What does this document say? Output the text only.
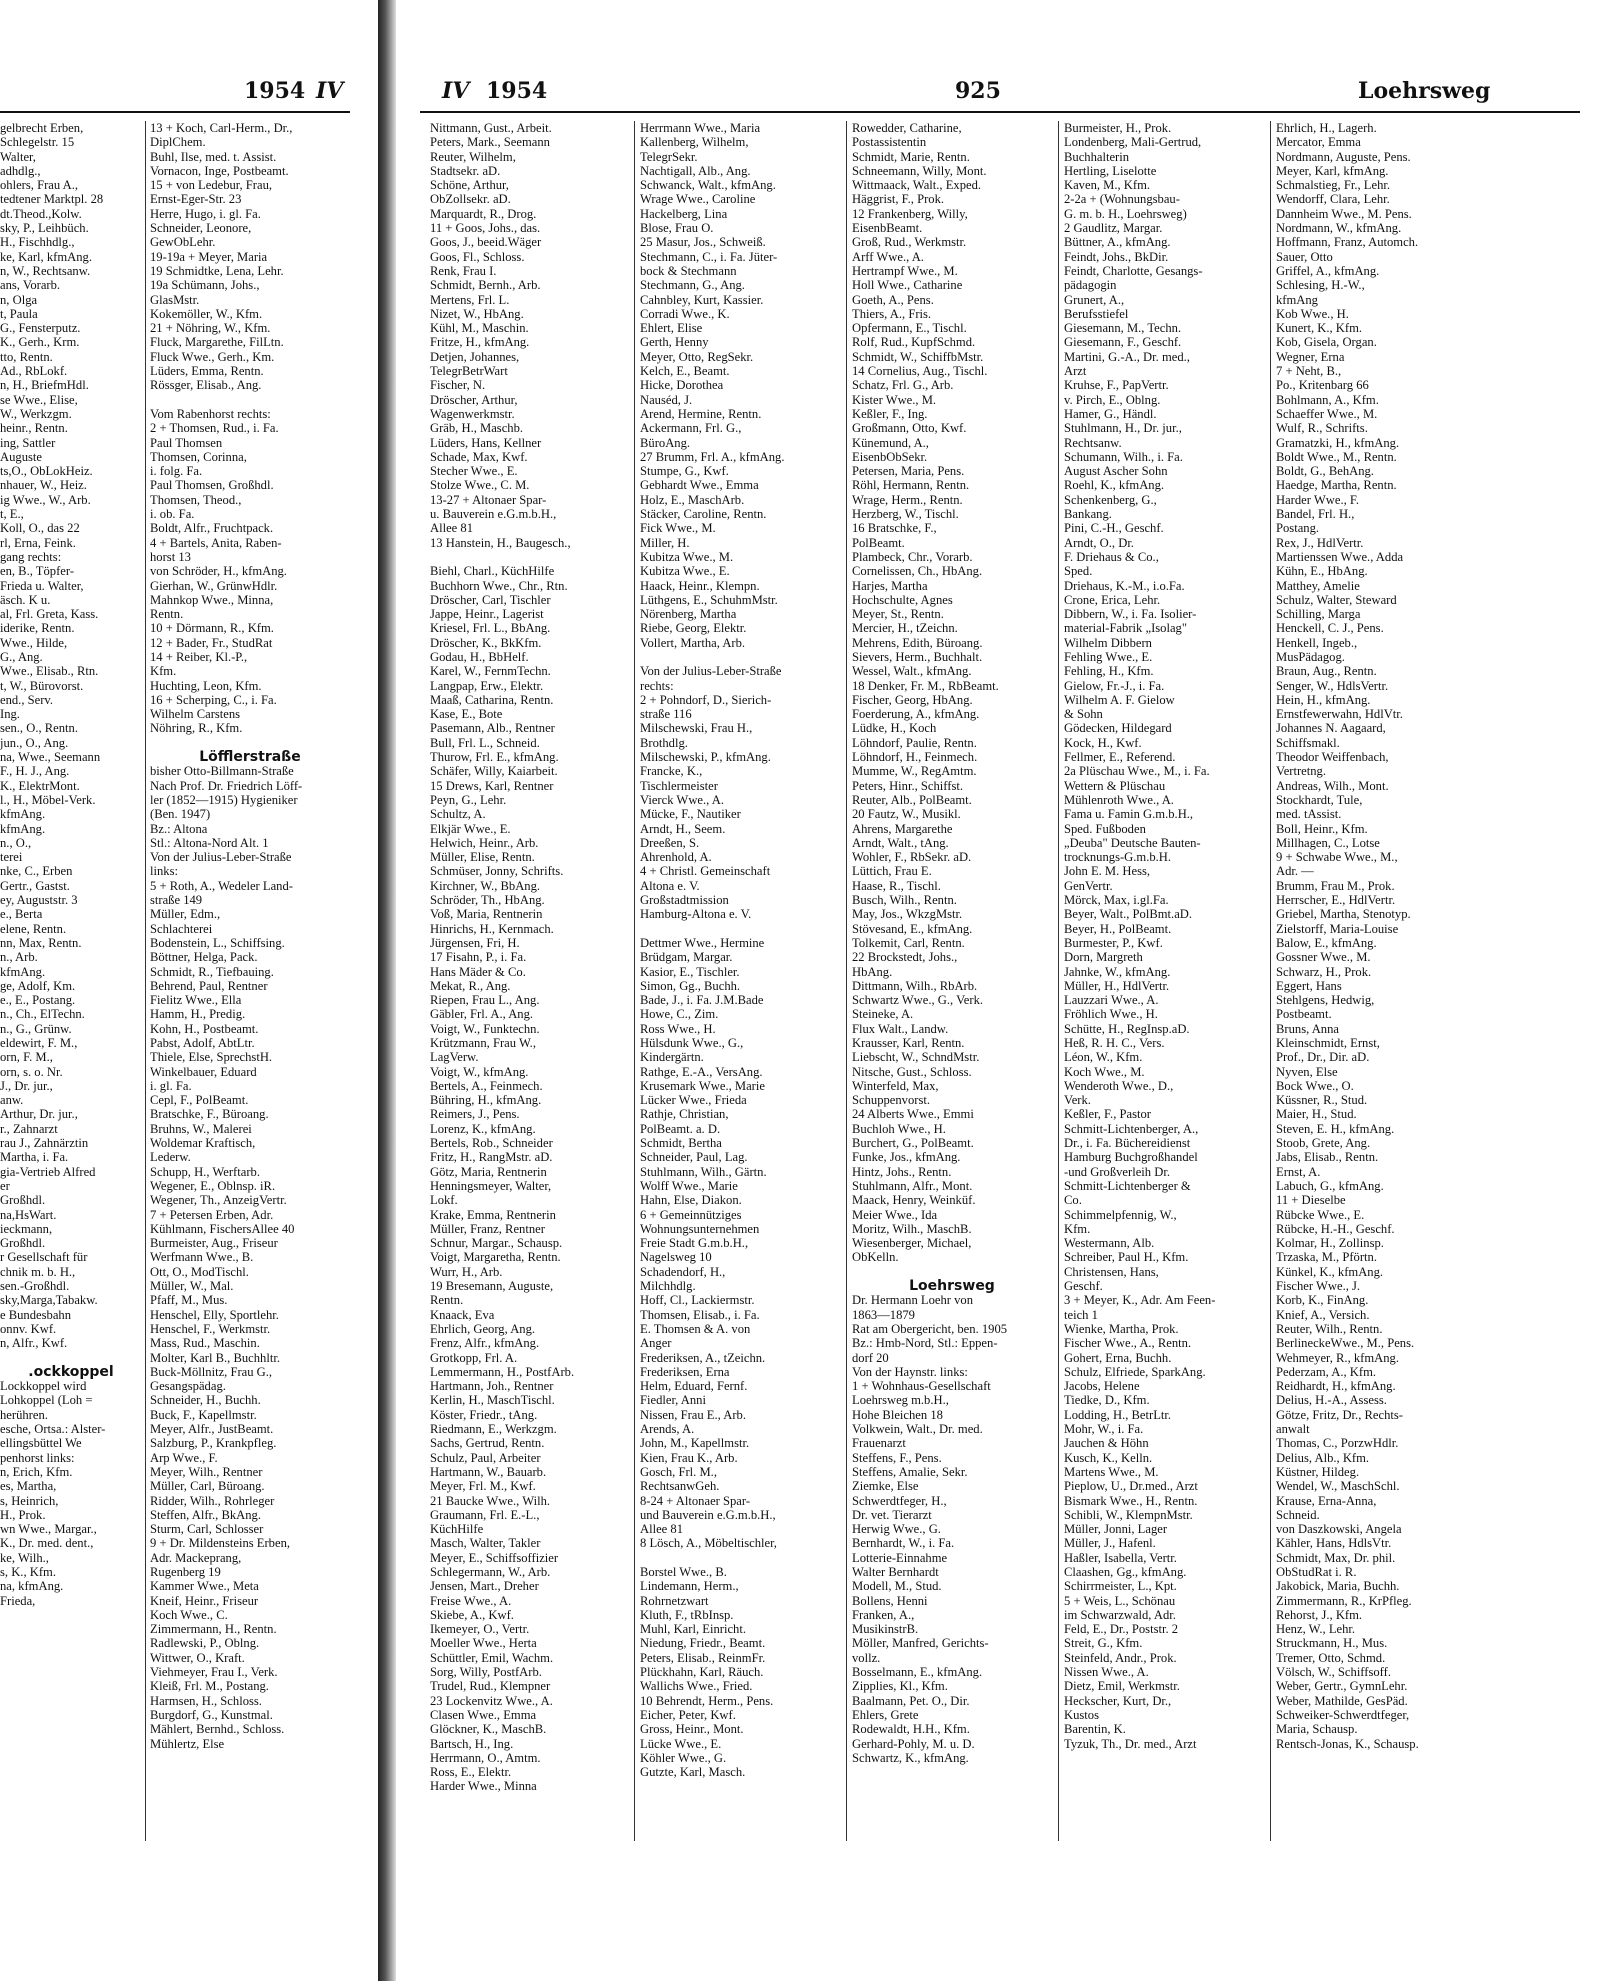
1954 IV
gelbrecht Erben,
Schlegelstr. 15
Walter,
adhdlg.,
ohlers, Frau A.,
tedtener Marktpl. 28
dt.Theod.,Kolw.
sky, P., Leihbüch.
H., Fischhdlg.,
ke, Karl, kfmAng.
n, W., Rechtsanw.
ans, Vorarb.
n, Olga
t, Paula
G., Fensterputz.
K., Gerh., Krm.
tto, Rentn.
Ad., RbLokf.
n, H., BriefmHdl.
se Wwe., Elise,
W., Werkzgm.
heinr., Rentn.
ing, Sattler
Auguste
ts,O., ObLokHeiz.
nhauer, W., Heiz.
ig Wwe., W., Arb.
t, E.,
Koll, O., das 22
rl, Erna, Feink.
gang rechts:
en, B., Töpfer-
Frieda u. Walter,
äsch. K u.
al, Frl. Greta, Kass.
iderike, Rentn.
Wwe., Hilde,
G., Ang.
Wwe., Elisab., Rtn.
t, W., Bürovorst.
end., Serv.
Ing.
sen., O., Rentn.
jun., O., Ang.
na, Wwe., Seemann
F., H. J., Ang.
K., ElektrMont.
l., H., Möbel-Verk.
kfmAng.
kfmAng.
n., O.,
terei
nke, C., Erben
Gertr., Gastst.
ey, Auguststr. 3
e., Berta
elene, Rentn.
nn, Max, Rentn.
n., Arb.
kfmAng.
ge, Adolf, Km.
e., E., Postang.
n., Ch., ElTechn.
n., G., Grünw.
eldewirt, F. M.,
orn, F. M.,
orn, s. o. Nr.
J., Dr. jur.,
anw.
Arthur, Dr. jur.,
r., Zahnarzt
rau J., Zahnärztin
Martha, i. Fa.
gia-Vertrieb Alfred
er
Großhdl.
na,HsWart.
ieckmann,
Großhdl.
r Gesellschaft für
chnik m. b. H.,
sen.-Großhdl.
sky,Marga,Tabakw.
e Bundesbahn
onnv. Kwf.
n, Alfr., Kwf.
.ockkoppel
Lockkoppel wird
Lohkoppel (Loh =
herühren.
esche, Ortsa.: Alster-
ellingsbüttel We
penhorst links:
n, Erich, Kfm.
es, Martha,
s, Heinrich,
H., Prok.
wn Wwe., Margar.,
K., Dr. med. dent.,
ke, Wilh.,
s, K., Kfm.
na, kfmAng.
Frieda,
13 + Koch, Carl-Herm., Dr.,
DiplChem.
Buhl, Ilse, med. t. Assist.
Vornacon, Inge, Postbeamt.
15 + von Ledebur, Frau,
Ernst-Eger-Str. 23
Herre, Hugo, i. gl. Fa.
Schneider, Leonore,
GewObLehr.
19-19a + Meyer, Maria
19 Schmidtke, Lena, Lehr.
19a Schümann, Johs.,
GlasMstr.
Kokemöller, W., Kfm.
21 + Nöhring, W., Kfm.
Fluck, Margarethe, FilLtn.
Fluck Wwe., Gerh., Km.
Lüders, Emma, Rentn.
Rössger, Elisab., Ang.
Vom Rabenhorst rechts:
2 + Thomsen, Rud., i. Fa.
Paul Thomsen
Thomsen, Corinna,
i. folg. Fa.
Paul Thomsen, Großhdl.
Thomsen, Theod.,
i. ob. Fa.
Boldt, Alfr., Fruchtpack.
4 + Bartels, Anita, Raben-
horst 13
von Schröder, H., kfmAng.
Gierhan, W., GrünwHdlr.
Mahnkop Wwe., Minna,
Rentn.
10 + Dörmann, R., Kfm.
12 + Bader, Fr., StudRat
14 + Reiber, Kl.-P.,
Kfm.
Huchting, Leon, Kfm.
16 + Scherping, C., i. Fa.
Wilhelm Carstens
Nöhring, R., Kfm.
Löfflerstraße
bisher Otto-Billmann-Straße
Nach Prof. Dr. Friedrich Löff-
ler (1852—1915) Hygieniker
(Ben. 1947)
Bz.: Altona
Stl.: Altona-Nord Alt. 1
Von der Julius-Leber-Straße
links:
5 + Roth, A., Wedeler Land-
straße 149
Müller, Edm.,
Schlachterei
Bodenstein, L., Schiffsing.
Böttner, Helga, Pack.
Schmidt, R., Tiefbauing.
Behrend, Paul, Rentner
Fielitz Wwe., Ella
Hamm, H., Predig.
Kohn, H., Postbeamt.
Pabst, Adolf, AbtLtr.
Thiele, Else, SprechstH.
Winkelbauer, Eduard
i. gl. Fa.
Cepl, F., PolBeamt.
Bratschke, F., Büroang.
Bruhns, W., Malerei
Woldemar Kraftisch,
Lederw.
Schupp, H., Werftarb.
Wegener, E., Oblnsp. iR.
Wegener, Th., AnzeigVertr.
7 + Petersen Erben, Adr.
Kühlmann, FischersAllee 40
Burmeister, Aug., Friseur
Werfmann Wwe., B.
Ott, O., ModTischl.
Müller, W., Mal.
Pfaff, M., Mus.
Henschel, Elly, Sportlehr.
Henschel, F., Werkmstr.
Mass, Rud., Maschin.
Molter, Karl B., Buchhltr.
Buck-Möllnitz, Frau G.,
Gesangspädag.
Schneider, H., Buchh.
Buck, F., Kapellmstr.
Meyer, Alfr., JustBeamt.
Salzburg, P., Krankpfleg.
Arp Wwe., F.
Meyer, Wilh., Rentner
Müller, Carl, Büroang.
Ridder, Wilh., Rohrleger
Steffen, Alfr., BkAng.
Sturm, Carl, Schlosser
9 + Dr. Mildensteins Erben,
Adr. Mackeprang,
Rugenberg 19
Kammer Wwe., Meta
Kneif, Heinr., Friseur
Koch Wwe., C.
Zimmermann, H., Rentn.
Radlewski, P., Oblng.
Wittwer, O., Kraft.
Viehmeyer, Frau I., Verk.
Kleiß, Frl. M., Postang.
Harmsen, H., Schloss.
Burgdorf, G., Kunstmal.
Mählert, Bernhd., Schloss.
Mühlertz, Else
IV 1954	925	Loehrsweg
Nittmann, Gust., Arbeit.
Peters, Mark., Seemann
Reuter, Wilhelm,
Stadtsekr. aD.
Schöne, Arthur,
ObZollsekr. aD.
Marquardt, R., Drog.
11 + Goos, Johs., das.
Goos, J., beeid.Wäger
Goos, Fl., Schloss.
Renk, Frau I.
Schmidt, Bernh., Arb.
Mertens, Frl. L.
Nizet, W., HbAng.
Kühl, M., Maschin.
Fritze, H., kfmAng.
Detjen, Johannes,
TelegrBetrWart
Fischer, N.
Dröscher, Arthur,
Wagenwerkmstr.
Gräb, H., Maschb.
Lüders, Hans, Kellner
Schade, Max, Kwf.
Stecher Wwe., E.
Stolze Wwe., C. M.
13-27 + Altonaer Spar-
u. Bauverein e.G.m.b.H.,
Allee 81
13 Hanstein, H., Baugesch.,
Biehl, Charl., KüchHilfe
Buchhorn Wwe., Chr., Rtn.
Dröscher, Carl, Tischler
Jappe, Heinr., Lagerist
Kriesel, Frl. L., BbAng.
Dröscher, K., BkKfm.
Godau, H., BbHelf.
Karel, W., FernmTechn.
Langpap, Erw., Elektr.
Maaß, Catharina, Rentn.
Kase, E., Bote
Pasemann, Alb., Rentner
Bull, Frl. L., Schneid.
Thurow, Frl. E., kfmAng.
Schäfer, Willy, Kaiarbeit.
15 Drews, Karl, Rentner
Peyn, G., Lehr.
Schultz, A.
Elkjär Wwe., E.
Helwich, Heinr., Arb.
Müller, Elise, Rentn.
Schmüser, Jonny, Schrifts.
Kirchner, W., BbAng.
Schröder, Th., HbAng.
Voß, Maria, Rentnerin
Hinrichs, H., Kernmach.
Jürgensen, Fri, H.
17 Fisahn, P., i. Fa.
Hans Mäder & Co.
Mekat, R., Ang.
Riepen, Frau L., Ang.
Gäbler, Frl. A., Ang.
Voigt, W., Funktechn.
Krützmann, Frau W.,
LagVerw.
Voigt, W., kfmAng.
Bertels, A., Feinmech.
Bühring, H., kfmAng.
Reimers, J., Pens.
Lorenz, K., kfmAng.
Bertels, Rob., Schneider
Fritz, H., RangMstr. aD.
Götz, Maria, Rentnerin
Henningsmeyer, Walter,
Lokf.
Krake, Emma, Rentnerin
Müller, Franz, Rentner
Schnur, Margar., Schausp.
Voigt, Margaretha, Rentn.
Wurr, H., Arb.
19 Bresemann, Auguste,
Rentn.
Knaack, Eva
Ehrlich, Georg, Ang.
Frenz, Alfr., kfmAng.
Grotkopp, Frl. A.
Lemmermann, H., PostfArb.
Hartmann, Joh., Rentner
Kerlin, H., MaschTischl.
Köster, Friedr., tAng.
Riedmann, E., Werkzgm.
Sachs, Gertrud, Rentn.
Schulz, Paul, Arbeiter
Hartmann, W., Bauarb.
Meyer, Frl. M., Kwf.
21 Baucke Wwe., Wilh.
Graumann, Frl. E.-L.,
KüchHilfe
Masch, Walter, Takler
Meyer, E., Schiffsoffizier
Schlegermann, W., Arb.
Jensen, Mart., Dreher
Freise Wwe., A.
Skiebe, A., Kwf.
Ikemeyer, O., Vertr.
Moeller Wwe., Herta
Schüttler, Emil, Wachm.
Sorg, Willy, PostfArb.
Trudel, Rud., Klempner
23 Lockenvitz Wwe., A.
Clasen Wwe., Emma
Glöckner, K., MaschB.
Bartsch, H., Ing.
Herrmann, O., Amtm.
Ross, E., Elektr.
Harder Wwe., Minna
Herrmann Wwe., Maria
Kallenberg, Wilhelm,
TelegrSekr.
Nachtigall, Alb., Ang.
Schwanck, Walt., kfmAng.
Wrage Wwe., Caroline
Hackelberg, Lina
Blose, Frau O.
25 Masur, Jos., Schweiß.
Stechmann, C., i. Fa. Jüter-
bock & Stechmann
Stechmann, G., Ang.
Cahnbley, Kurt, Kassier.
Corradi Wwe., K.
Ehlert, Elise
Gerth, Henny
Meyer, Otto, RegSekr.
Kelch, E., Beamt.
Hicke, Dorothea
Nauséd, J.
Arend, Hermine, Rentn.
Ackermann, Frl. G.,
BüroAng.
27 Brumm, Frl. A., kfmAng.
Stumpe, G., Kwf.
Gebhardt Wwe., Emma
Holz, E., MaschArb.
Stäcker, Caroline, Rentn.
Fick Wwe., M.
Miller, H.
Kubitza Wwe., M.
Kubitza Wwe., E.
Haack, Heinr., Klempn.
Lüthgens, E., SchuhmMstr.
Nörenberg, Martha
Riebe, Georg, Elektr.
Vollert, Martha, Arb.
Von der Julius-Leber-Straße
rechts:
2 + Pohndorf, D., Sierich-
straße 116
Milschewski, Frau H.,
Brothdlg.
Milschewski, P., kfmAng.
Francke, K.,
Tischlermeister
Vierck Wwe., A.
Mücke, F., Nautiker
Arndt, H., Seem.
Dreeßen, S.
Ahrenhold, A.
4 + Christl. Gemeinschaft
Altona e. V.
Großstadtmission
Hamburg-Altona e. V.
Dettmer Wwe., Hermine
Brüdgam, Margar.
Kasior, E., Tischler.
Simon, Gg., Buchh.
Bade, J., i. Fa. J.M.Bade
Howe, C., Zim.
Ross Wwe., H.
Hülsdunk Wwe., G.,
Kindergärtn.
Rathge, E.-A., VersAng.
Krusemark Wwe., Marie
Lücker Wwe., Frieda
Rathje, Christian,
PolBeamt. a. D.
Schmidt, Bertha
Schneider, Paul, Lag.
Stuhlmann, Wilh., Gärtn.
Wolff Wwe., Marie
Hahn, Else, Diakon.
6 + Gemeinnütziges
Wohnungsunternehmen
Freie Stadt G.m.b.H.,
Nagelsweg 10
Schadendorf, H.,
Milchhdlg.
Hoff, Cl., Lackiermstr.
Thomsen, Elisab., i. Fa.
E. Thomsen & A. von
Anger
Frederiksen, A., tZeichn.
Frederiksen, Erna
Helm, Eduard, Fernf.
Fiedler, Anni
Nissen, Frau E., Arb.
Arends, A.
John, M., Kapellmstr.
Kien, Frau K., Arb.
Gosch, Frl. M.,
RechtsanwGeh.
8-24 + Altonaer Spar-
und Bauverein e.G.m.b.H.,
Allee 81
8 Lösch, A., Möbeltischler,
Borstel Wwe., B.
Lindemann, Herm.,
Rohrnetzwart
Kluth, F., tRbInsp.
Muhl, Karl, Einricht.
Niedung, Friedr., Beamt.
Peters, Elisab., ReinmFr.
Plückhahn, Karl, Räuch.
Wallichs Wwe., Fried.
10 Behrendt, Herm., Pens.
Eicher, Peter, Kwf.
Gross, Heinr., Mont.
Lücke Wwe., E.
Köhler Wwe., G.
Gutzte, Karl, Masch.
Rowedder, Catharine,
Postassistentin
Schmidt, Marie, Rentn.
Schneemann, Willy, Mont.
Wittmaack, Walt., Exped.
Häggrist, F., Prok.
12 Frankenberg, Willy,
EisenbBeamt.
Groß, Rud., Werkmstr.
Arff Wwe., A.
Hertrampf Wwe., M.
Holl Wwe., Catharine
Goeth, A., Pens.
Thiers, A., Fris.
Opfermann, E., Tischl.
Rolf, Rud., KupfSchmd.
Schmidt, W., SchiffbMstr.
14 Cornelius, Aug., Tischl.
Schatz, Frl. G., Arb.
Kister Wwe., M.
Keßler, F., Ing.
Großmann, Otto, Kwf.
Künemund, A.,
EisenbObSekr.
Petersen, Maria, Pens.
Röhl, Hermann, Rentn.
Wrage, Herm., Rentn.
Herzberg, W., Tischl.
16 Bratschke, F.,
PolBeamt.
Plambeck, Chr., Vorarb.
Cornelissen, Ch., HbAng.
Harjes, Martha
Hochschulte, Agnes
Meyer, St., Rentn.
Mercier, H., tZeichn.
Mehrens, Edith, Büroang.
Sievers, Herm., Buchhalt.
Wessel, Walt., kfmAng.
18 Denker, Fr. M., RbBeamt.
Fischer, Georg, HbAng.
Foerderung, A., kfmAng.
Lüdke, H., Koch
Löhndorf, Paulie, Rentn.
Löhndorf, H., Feinmech.
Mumme, W., RegAmtm.
Peters, Hinr., Schiffst.
Reuter, Alb., PolBeamt.
20 Fautz, W., Musikl.
Ahrens, Margarethe
Arndt, Walt., tAng.
Wohler, F., RbSekr. aD.
Lüttich, Frau E.
Haase, R., Tischl.
Busch, Wilh., Rentn.
May, Jos., WkzgMstr.
Stövesand, E., kfmAng.
Tolkemit, Carl, Rentn.
22 Brockstedt, Johs.,
HbAng.
Dittmann, Wilh., RbArb.
Schwartz Wwe., G., Verk.
Steineke, A.
Flux Walt., Landw.
Krausser, Karl, Rentn.
Liebscht, W., SchndMstr.
Nitsche, Gust., Schloss.
Winterfeld, Max,
Schuppenvorst.
24 Alberts Wwe., Emmi
Buchloh Wwe., H.
Burchert, G., PolBeamt.
Funke, Jos., kfmAng.
Hintz, Johs., Rentn.
Stuhlmann, Alfr., Mont.
Maack, Henry, Weinküf.
Meier Wwe., Ida
Moritz, Wilh., MaschB.
Wiesenberger, Michael,
ObKelln.
Loehrsweg
Dr. Hermann Loehr von
1863—1879
Rat am Obergericht, ben. 1905
Bz.: Hmb-Nord, Stl.: Eppen-
dorf 20
Von der Haynstr. links:
1 + Wohnhaus-Gesellschaft
Loehrsweg m.b.H.,
Hohe Bleichen 18
Volkwein, Walt., Dr. med.
Frauenarzt
Steffens, F., Pens.
Steffens, Amalie, Sekr.
Ziemke, Else
Schwerdtfeger, H.,
Dr. vet. Tierarzt
Herwig Wwe., G.
Bernhardt, W., i. Fa.
Lotterie-Einnahme
Walter Bernhardt
Modell, M., Stud.
Bollens, Henni
Franken, A.,
MusikinstrB.
Möller, Manfred, Gerichts-
vollz.
Bosselmann, E., kfmAng.
Zipplies, Kl., Kfm.
Baalmann, Pet. O., Dir.
Ehlers, Grete
Rodewaldt, H.H., Kfm.
Gerhard-Pohly, M. u. D.
Schwartz, K., kfmAng.
Burmeister, H., Prok.
Londenberg, Mali-Gertrud,
Buchhalterin
Hertling, Liselotte
Kaven, M., Kfm.
2-2a + (Wohnungsbau-
G. m. b. H., Loehrsweg)
2 Gaudlitz, Margar.
Büttner, A., kfmAng.
Feindt, Johs., BkDir.
Feindt, Charlotte, Gesangs-
pädagogin
Grunert, A.,
Berufsstiefel
Giesemann, M., Techn.
Giesemann, F., Geschf.
Martini, G.-A., Dr. med.,
Arzt
Kruhse, F., PapVertr.
v. Pirch, E., Oblng.
Hamer, G., Händl.
Stuhlmann, H., Dr. jur.,
Rechtsanw.
Schumann, Wilh., i. Fa.
August Ascher Sohn
Roehl, K., kfmAng.
Schenkenberg, G.,
Bankang.
Pini, C.-H., Geschf.
Arndt, O., Dr.
F. Driehaus & Co.,
Sped.
Driehaus, K.-M., i.o.Fa.
Crone, Erica, Lehr.
Dibbern, W., i. Fa. Isolier-
material-Fabrik „Isolag"
Wilhelm Dibbern
Fehling Wwe., E.
Fehling, H., Kfm.
Gielow, Fr.-J., i. Fa.
Wilhelm A. F. Gielow
& Sohn
Gödecken, Hildegard
Kock, H., Kwf.
Fellmer, E., Referend.
2a Plüschau Wwe., M., i. Fa.
Wettern & Plüschau
Mühlenroth Wwe., A.
Fama u. Famin G.m.b.H.,
Sped. Fußboden
„Deuba" Deutsche Bauten-
trocknungs-G.m.b.H.
John E. M. Hess,
GenVertr.
Mörck, Max, i.gl.Fa.
Beyer, Walt., PolBmt.aD.
Beyer, H., PolBeamt.
Burmester, P., Kwf.
Dorn, Margreth
Jahnke, W., kfmAng.
Müller, H., HdlVertr.
Lauzzari Wwe., A.
Fröhlich Wwe., H.
Schütte, H., RegInsp.aD.
Heß, R. H. C., Vers.
Léon, W., Kfm.
Koch Wwe., M.
Wenderoth Wwe., D.,
Verk.
Keßler, F., Pastor
Schmitt-Lichtenberger, A.,
Dr., i. Fa. Büchereidienst
Hamburg Buchgroßhandel
-und Großverleih Dr.
Schmitt-Lichtenberger &
Co.
Schimmelpfennig, W.,
Kfm.
Westermann, Alb.
Schreiber, Paul H., Kfm.
Christensen, Hans,
Geschf.
3 + Meyer, K., Adr. Am Feen-
teich 1
Wienke, Martha, Prok.
Fischer Wwe., A., Rentn.
Gohert, Erna, Buchh.
Schulz, Elfriede, SparkAng.
Jacobs, Helene
Tiedke, D., Kfm.
Lodding, H., BetrLtr.
Mohr, W., i. Fa.
Jauchen & Höhn
Kusch, K., Kelln.
Martens Wwe., M.
Pieplow, U., Dr.med., Arzt
Bismark Wwe., H., Rentn.
Schibli, W., KlempnMstr.
Müller, Jonni, Lager
Müller, J., Hafenl.
Haßler, Isabella, Vertr.
Claashen, Gg., kfmAng.
Schirrmeister, L., Kpt.
5 + Weis, L., Schönau
im Schwarzwald, Adr.
Feld, E., Dr., Poststr. 2
Streit, G., Kfm.
Steinfeld, Andr., Prok.
Nissen Wwe., A.
Dietz, Emil, Werkmstr.
Heckscher, Kurt, Dr.,
Kustos
Barentin, K.
Tyzuk, Th., Dr. med., Arzt
Ehrlich, H., Lagerh.
Mercator, Emma
Nordmann, Auguste, Pens.
Meyer, Karl, kfmAng.
Schmalstieg, Fr., Lehr.
Wendorff, Clara, Lehr.
Dannheim Wwe., M. Pens.
Nordmann, W., kfmAng.
Hoffmann, Franz, Automch.
Sauer, Otto
Griffel, A., kfmAng.
Schlesing, H.-W.,
kfmAng
Kob Wwe., H.
Kunert, K., Kfm.
Kob, Gisela, Organ.
Wegner, Erna
7 + Neht, B.,
Po., Kritenbarg 66
Bohlmann, A., Kfm.
Schaeffer Wwe., M.
Wulf, R., Schrifts.
Gramatzki, H., kfmAng.
Boldt Wwe., M., Rentn.
Boldt, G., BehAng.
Haedge, Martha, Rentn.
Harder Wwe., F.
Bandel, Frl. H.,
Postang.
Rex, J., HdlVertr.
Martienssen Wwe., Adda
Kühn, E., HbAng.
Matthey, Amelie
Schulz, Walter, Steward
Schilling, Marga
Henckell, C. J., Pens.
Henkell, Ingeb.,
MusPädagog.
Braun, Aug., Rentn.
Senger, W., HdlsVertr.
Hein, H., kfmAng.
Ernstfewerwahn, HdlVtr.
Johannes N. Aagaard,
Schiffsmakl.
Theodor Weiffenbach,
Vertretng.
Andreas, Wilh., Mont.
Stockhardt, Tule,
med. tAssist.
Boll, Heinr., Kfm.
Millhagen, C., Lotse
9 + Schwabe Wwe., M.,
Adr. —
Brumm, Frau M., Prok.
Herrscher, E., HdlVertr.
Griebel, Martha, Stenotyp.
Zielstorff, Maria-Louise
Balow, E., kfmAng.
Gossner Wwe., M.
Schwarz, H., Prok.
Eggert, Hans
Stehlgens, Hedwig,
Postbeamt.
Bruns, Anna
Kleinschmidt, Ernst,
Prof., Dr., Dir. aD.
Nyven, Else
Bock Wwe., O.
Küssner, R., Stud.
Maier, H., Stud.
Steven, E. H., kfmAng.
Stoob, Grete, Ang.
Jabs, Elisab., Rentn.
Ernst, A.
Labuch, G., kfmAng.
11 + Dieselbe
Rübcke Wwe., E.
Rübcke, H.-H., Geschf.
Kolmar, H., Zollinsp.
Trzaska, M., Pförtn.
Künkel, K., kfmAng.
Fischer Wwe., J.
Korb, K., FinAng.
Knief, A., Versich.
Reuter, Wilh., Rentn.
BerlineckeWwe., M., Pens.
Wehmeyer, R., kfmAng.
Pederzam, A., Kfm.
Reidhardt, H., kfmAng.
Delius, H.-A., Assess.
Götze, Fritz, Dr., Rechts-
anwalt
Thomas, C., PorzwHdlr.
Delius, Alb., Kfm.
Küstner, Hildeg.
Wendel, W., MaschSchl.
Krause, Erna-Anna,
Schneid.
von Daszkowski, Angela
Kähler, Hans, HdlsVtr.
Schmidt, Max, Dr. phil.
ObStudRat i. R.
Jakobick, Maria, Buchh.
Zimmermann, R., KrPfleg.
Rehorst, J., Kfm.
Henz, W., Lehr.
Struckmann, H., Mus.
Tremer, Otto, Schmd.
Völsch, W., Schiffsoff.
Weber, Gertr., GymnLehr.
Weber, Mathilde, GesPäd.
Schweiker-Schwerdtfeger,
Maria, Schausp.
Rentsch-Jonas, K., Schausp.
